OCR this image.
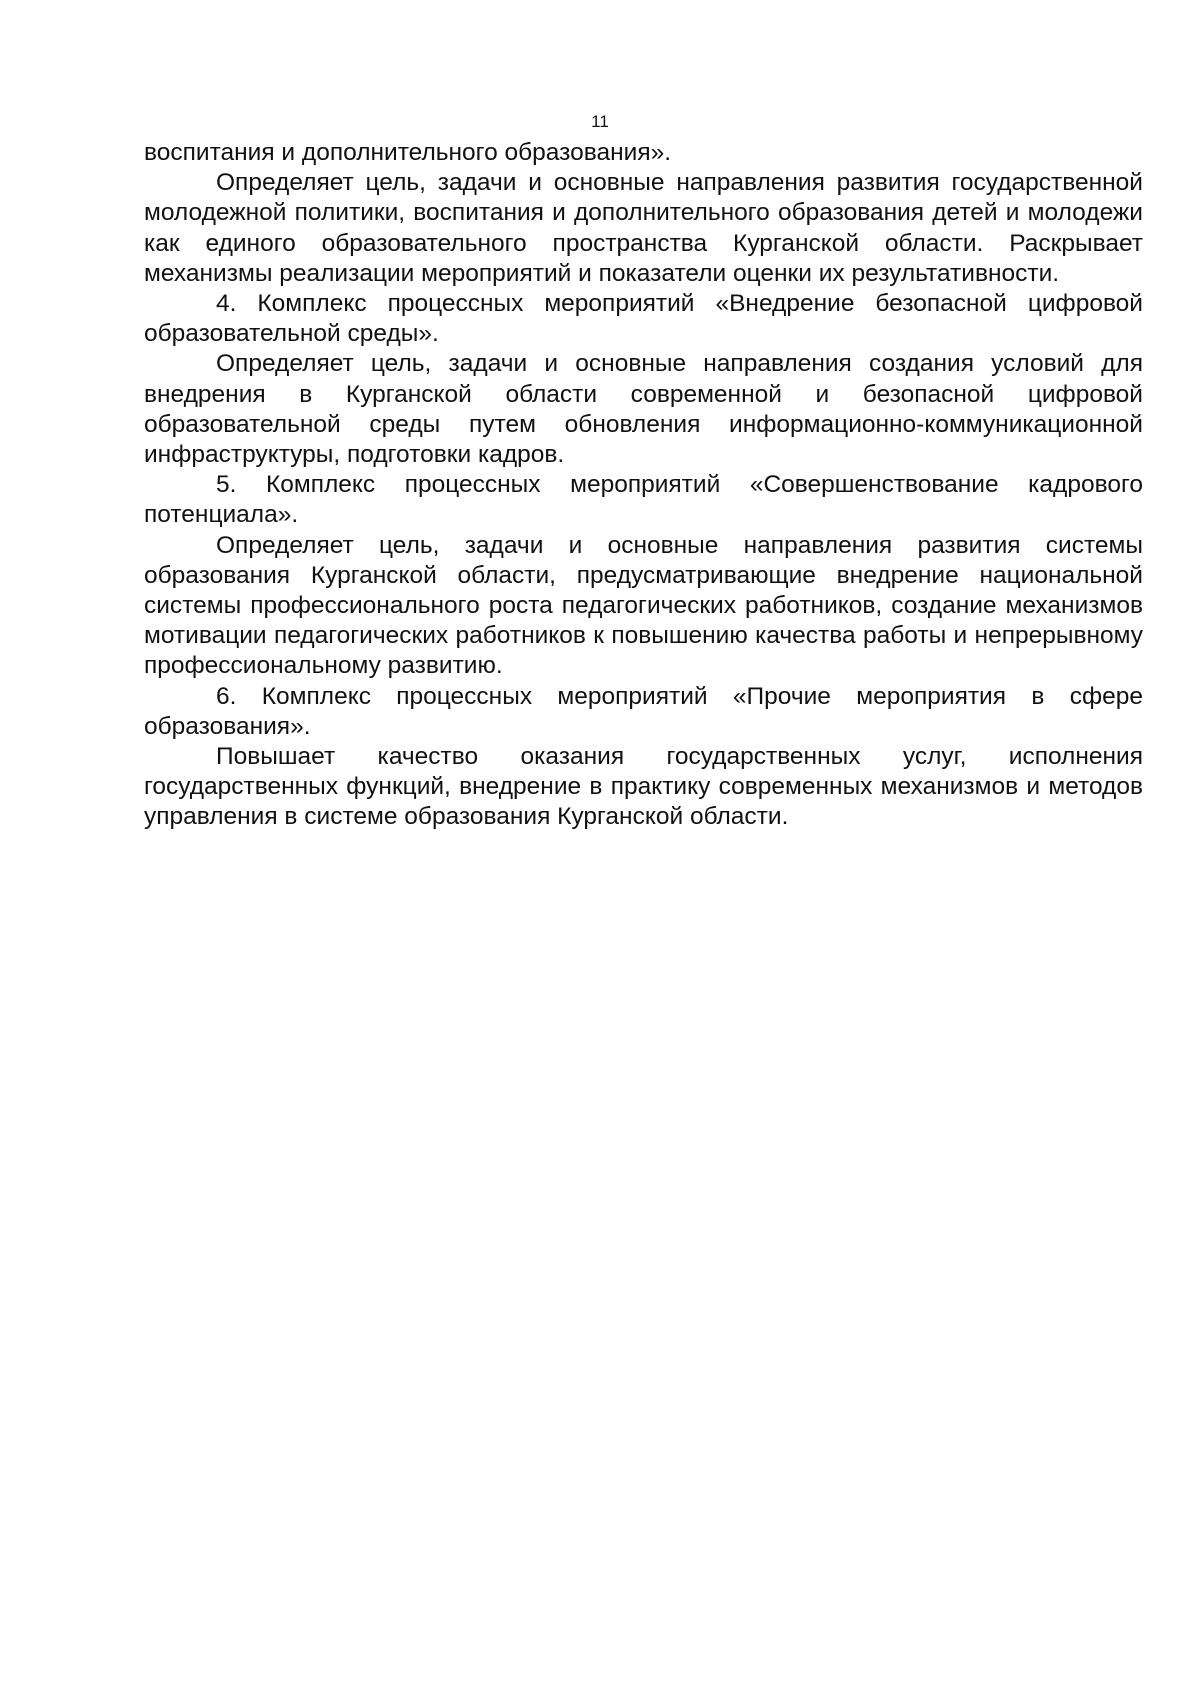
11

воспитания и дополнительного образования».

Определяет цель, задачи и основные направления развития государственной молодежной политики, воспитания и дополнительного образования детей и молодежи как единого образовательного пространства Курганской области. Раскрывает механизмы реализации мероприятий и показатели оценки их результативности.

4. Комплекс процессных мероприятий «Внедрение безопасной цифровой образовательной среды».

Определяет цель, задачи и основные направления создания условий для внедрения в Курганской области современной и безопасной цифровой образовательной среды путем обновления информационно-коммуникационной инфраструктуры, подготовки кадров.

5. Комплекс процессных мероприятий «Совершенствование кадрового потенциала».

Определяет цель, задачи и основные направления развития системы образования Курганской области, предусматривающие внедрение национальной системы профессионального роста педагогических работников, создание механизмов мотивации педагогических работников к повышению качества работы и непрерывному профессиональному развитию.

6. Комплекс процессных мероприятий «Прочие мероприятия в сфере образования».

Повышает качество оказания государственных услуг, исполнения государственных функций, внедрение в практику современных механизмов и методов управления в системе образования Курганской области.
